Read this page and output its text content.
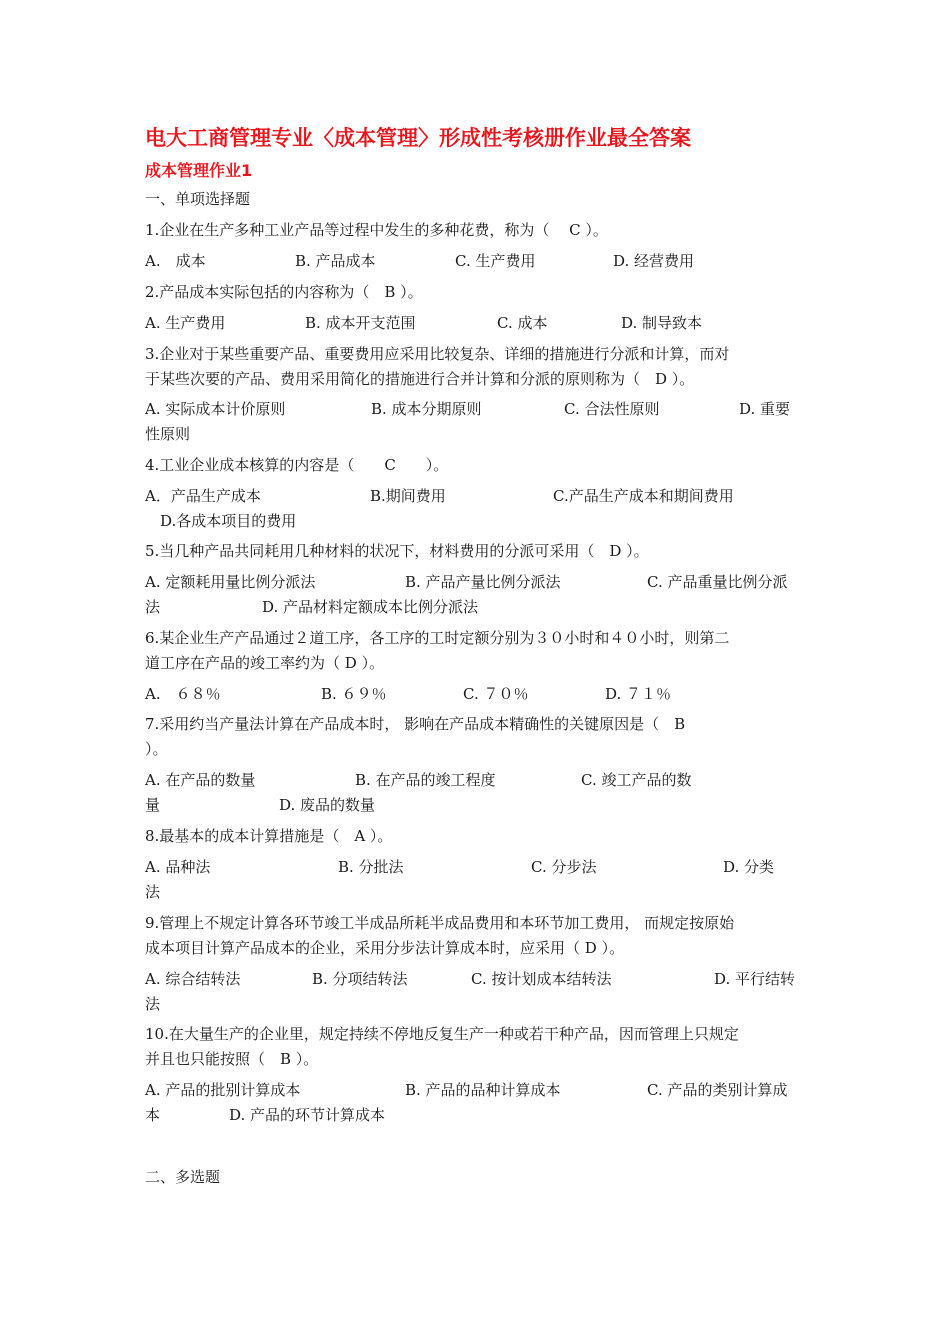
电大工商管理专业〈成本管理〉形成性考核册作业最全答案
成本管理作业1
一、单项选择题
1.企业在生产多种工业产品等过程中发生的多种花费，称为（　 C ）。
A.　成本	B. 产品成本	C. 生产费用	D. 经营费用
2.产品成本实际包括的内容称为（　B ）。
A. 生产费用	B. 成本开支范围	C. 成本	D. 制导致本
3.企业对于某些重要产品、重要费用应采用比较复杂、详细的措施进行分派和计算，而对
于某些次要的产品、费用采用简化的措施进行合并计算和分派的原则称为（　D ）。
A. 实际成本计价原则	B. 成本分期原则	C. 合法性原则	D. 重要
性原则
4.工业企业成本核算的内容是（　　C　　）。
A．产品生产成本	B.期间费用	C.产品生产成本和期间费用
D.各成本项目的费用
5.当几种产品共同耗用几种材料的状况下，材料费用的分派可采用（　D ）。
A. 定额耗用量比例分派法	B. 产品产量比例分派法	C. 产品重量比例分派
法	D. 产品材料定额成本比例分派法
6.某企业生产产品通过２道工序，各工序的工时定额分别为３０小时和４０小时，则第二
道工序在产品的竣工率约为（ D ）。
A.　６８％	B. ６９％	C. ７０％	D. ７１％
7.采用约当产量法计算在产品成本时， 影响在产品成本精确性的关键原因是（　B
）。
A. 在产品的数量	B. 在产品的竣工程度	C. 竣工产品的数
量	D. 废品的数量
8.最基本的成本计算措施是（　A ）。
A. 品种法	B. 分批法	C. 分步法	D. 分类
法
9.管理上不规定计算各环节竣工半成品所耗半成品费用和本环节加工费用， 而规定按原始
成本项目计算产品成本的企业，采用分步法计算成本时，应采用（ D ）。
A. 综合结转法	B. 分项结转法	C. 按计划成本结转法	D. 平行结转
法
10.在大量生产的企业里，规定持续不停地反复生产一种或若干种产品，因而管理上只规定
并且也只能按照（　B ）。
A. 产品的批别计算成本	B. 产品的品种计算成本	C. 产品的类别计算成
本	D. 产品的环节计算成本
二、多选题
